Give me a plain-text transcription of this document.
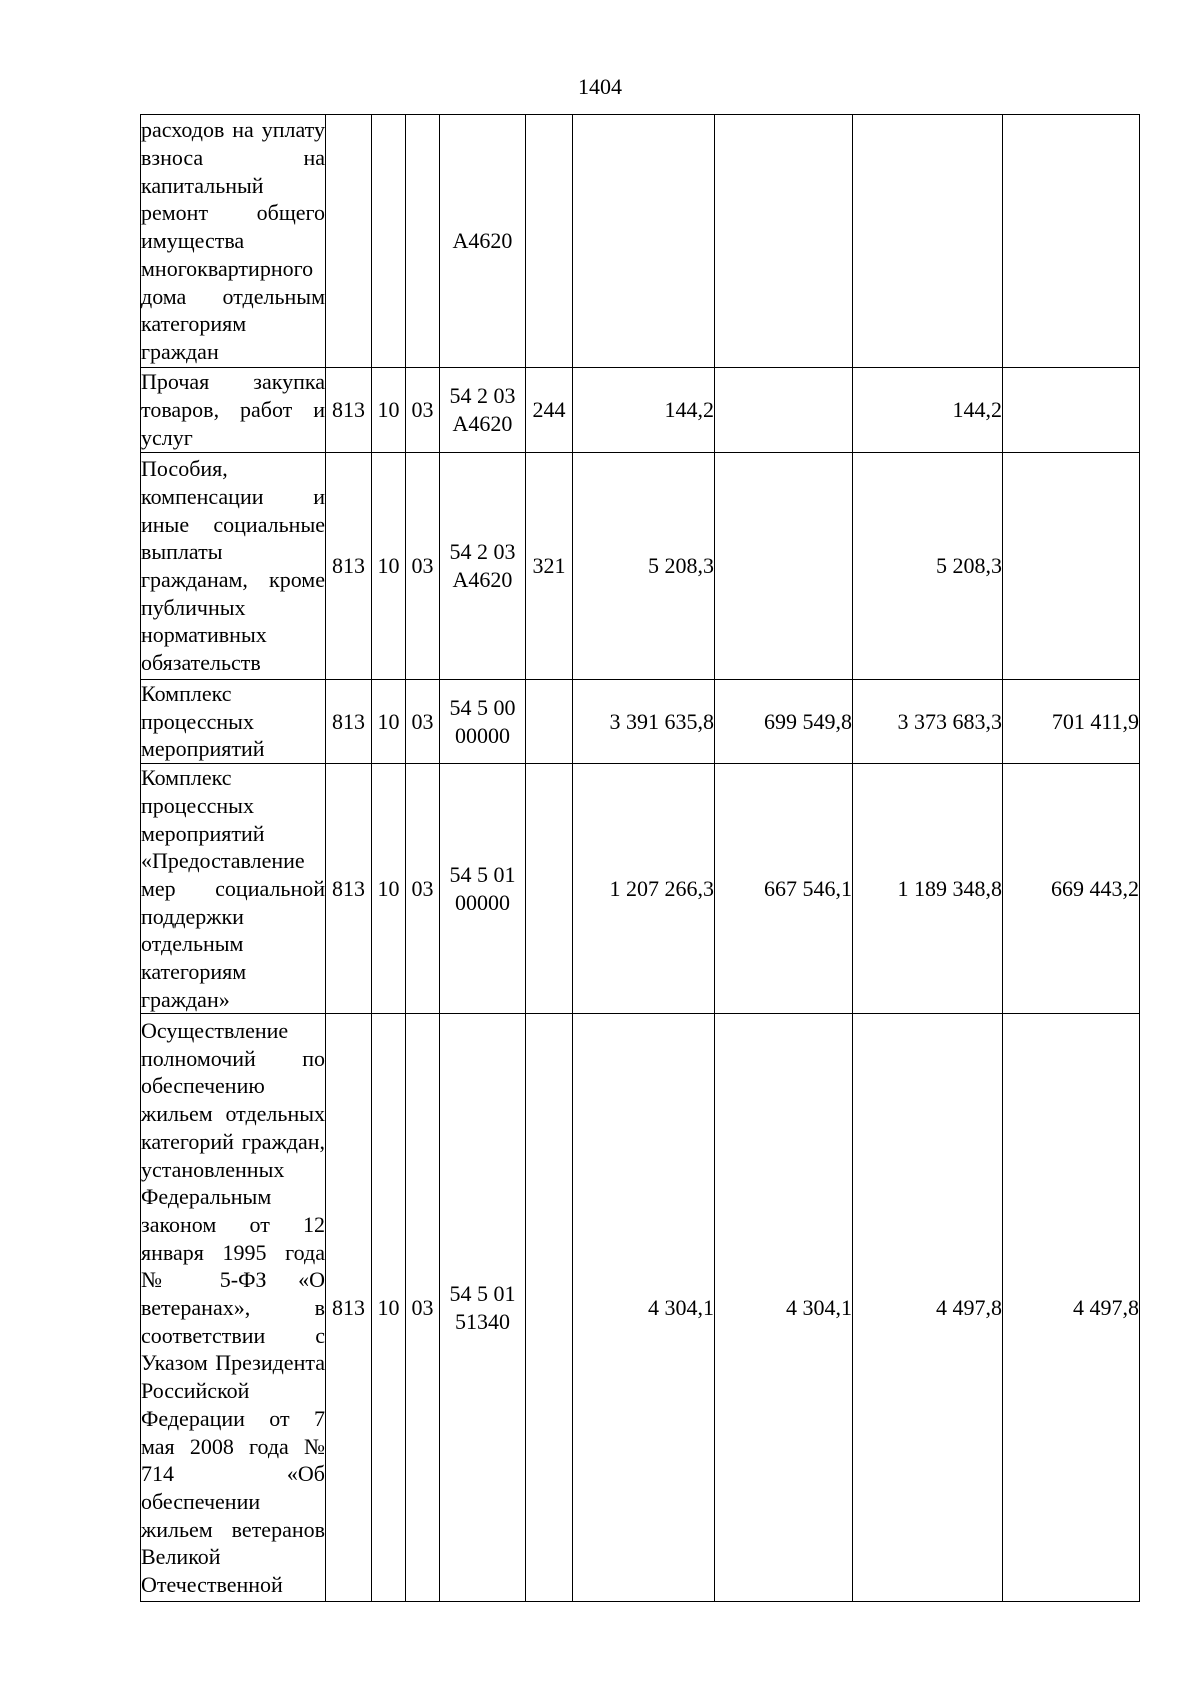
1404
расходов на уплату взноса на капитальный ремонт общего имущества многоквартирного дома отдельным категориям граждан				А4620					
Прочая закупка товаров, работ и услуг	813	10	03	54 2 03 А4620	244	144,2		144,2	
Пособия, компенсации и иные социальные выплаты гражданам, кроме публичных нормативных обязательств	813	10	03	54 2 03 А4620	321	5 208,3		5 208,3	
Комплекс процессных мероприятий	813	10	03	54 5 00 00000		3 391 635,8	699 549,8	3 373 683,3	701 411,9
Комплекс процессных мероприятий «Предоставление мер социальной поддержки отдельным категориям граждан»	813	10	03	54 5 01 00000		1 207 266,3	667 546,1	1 189 348,8	669 443,2
Осуществление полномочий по обеспечению жильем отдельных категорий граждан, установленных Федеральным законом от 12 января 1995 года № 5-ФЗ «О ветеранах», в соответствии с Указом Президента Российской Федерации от 7 мая 2008 года № 714 «Об обеспечении жильем ветеранов Великой Отечественной	813	10	03	54 5 01 51340		4 304,1	4 304,1	4 497,8	4 497,8
